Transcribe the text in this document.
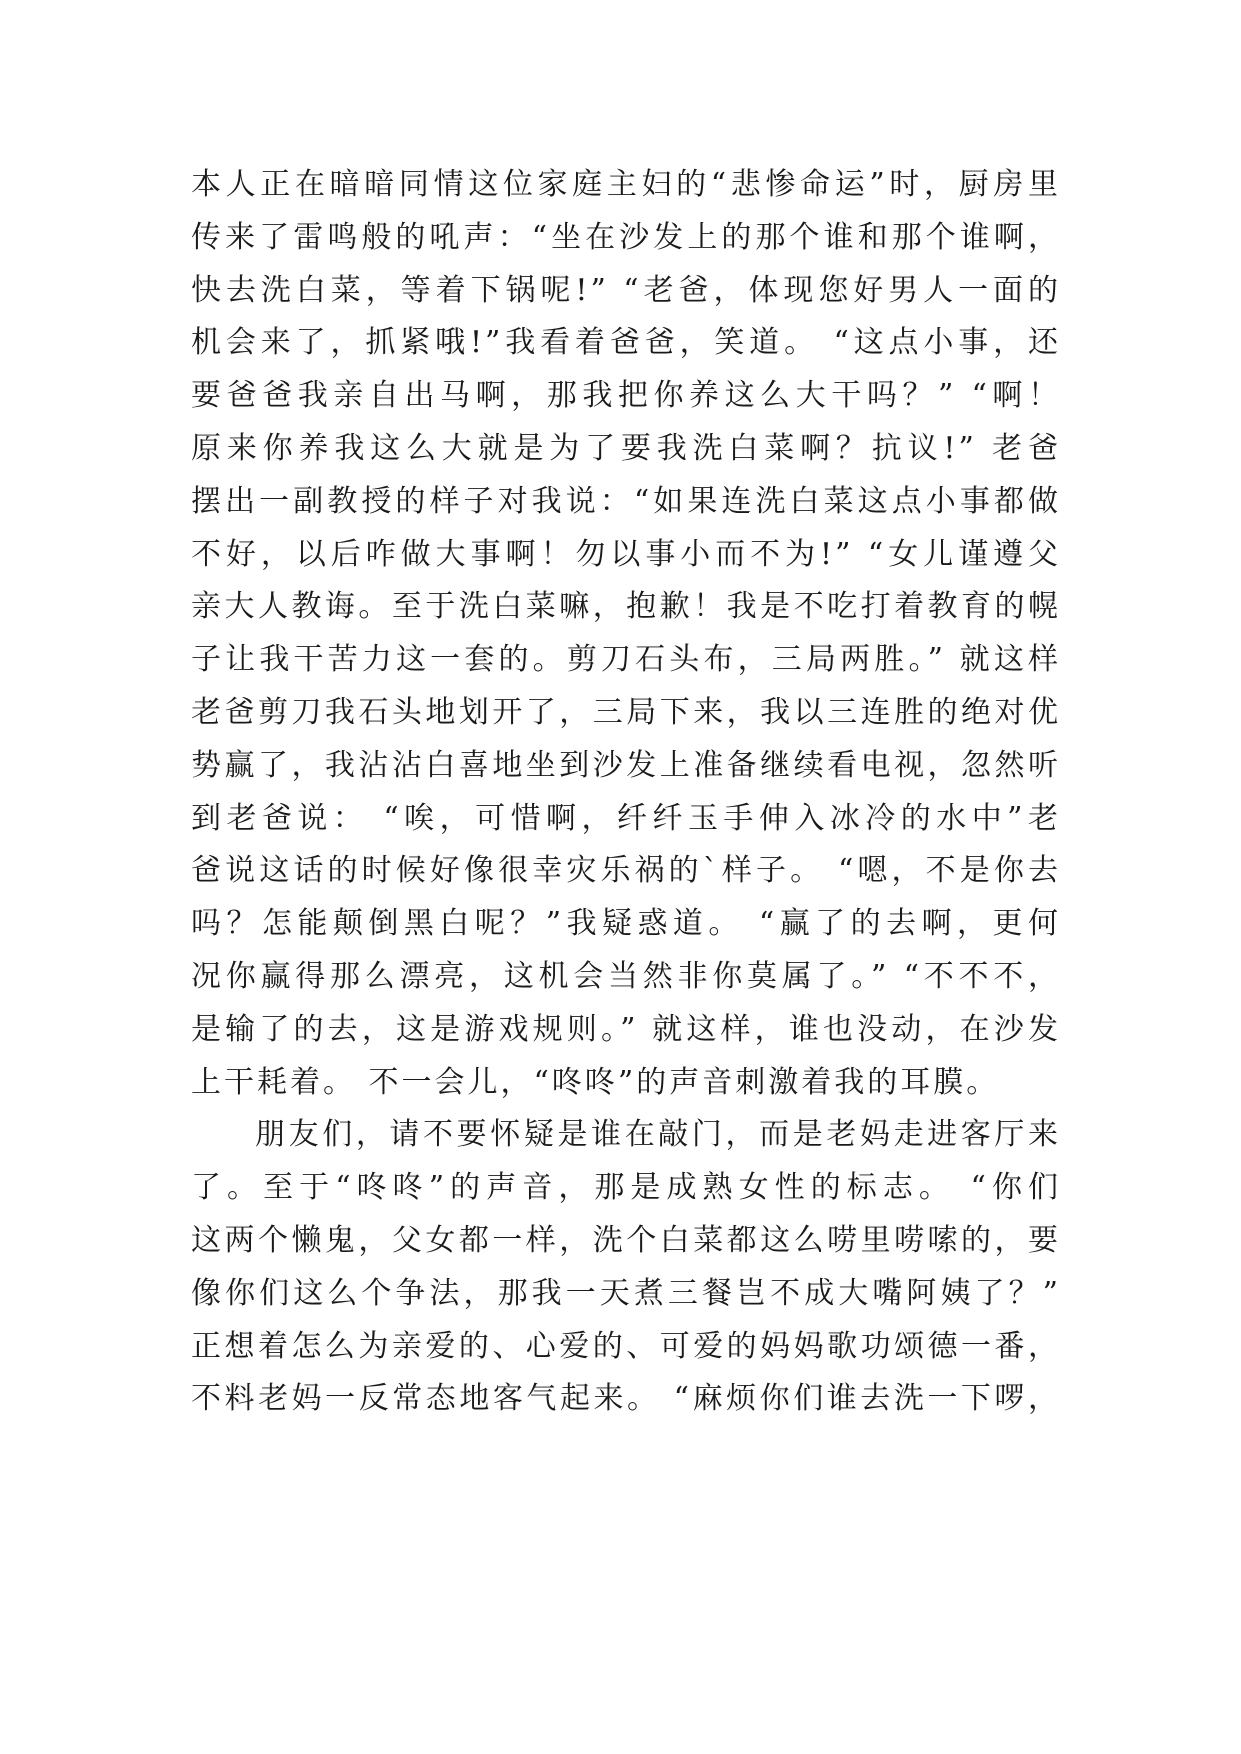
本人正在暗暗同情这位家庭主妇的“悲惨命运”时，厨房里
传来了雷鸣般的吼声：“坐在沙发上的那个谁和那个谁啊，
快去洗白菜，等着下锅呢!” “老爸，体现您好男人一面的
机会来了，抓紧哦!”我看着爸爸，笑道。 “这点小事，还
要爸爸我亲自出马啊，那我把你养这么大干吗？” “啊！
原来你养我这么大就是为了要我洗白菜啊？抗议!” 老爸
摆出一副教授的样子对我说：“如果连洗白菜这点小事都做
不好，以后咋做大事啊！勿以事小而不为!” “女儿谨遵父
亲大人教诲。至于洗白菜嘛，抱歉！我是不吃打着教育的幌
子让我干苦力这一套的。剪刀石头布，三局两胜。” 就这样
老爸剪刀我石头地划开了，三局下来，我以三连胜的绝对优
势赢了，我沾沾白喜地坐到沙发上准备继续看电视，忽然听
到老爸说： “唉，可惜啊，纤纤玉手伸入冰冷的水中”老
爸说这话的时候好像很幸灾乐祸的`样子。 “嗯，不是你去
吗？怎能颠倒黑白呢？”我疑惑道。 “赢了的去啊，更何
况你赢得那么漂亮，这机会当然非你莫属了。” “不不不，
是输了的去，这是游戏规则。” 就这样，谁也没动，在沙发
上干耗着。 不一会儿，“咚咚”的声音刺激着我的耳膜。
朋友们，请不要怀疑是谁在敲门，而是老妈走进客厅来
了。至于“咚咚”的声音，那是成熟女性的标志。 “你们
这两个懒鬼，父女都一样，洗个白菜都这么唠里唠嗦的，要
像你们这么个争法，那我一天煮三餐岂不成大嘴阿姨了？”
正想着怎么为亲爱的、心爱的、可爱的妈妈歌功颂德一番，
不料老妈一反常态地客气起来。 “麻烦你们谁去洗一下啰，
